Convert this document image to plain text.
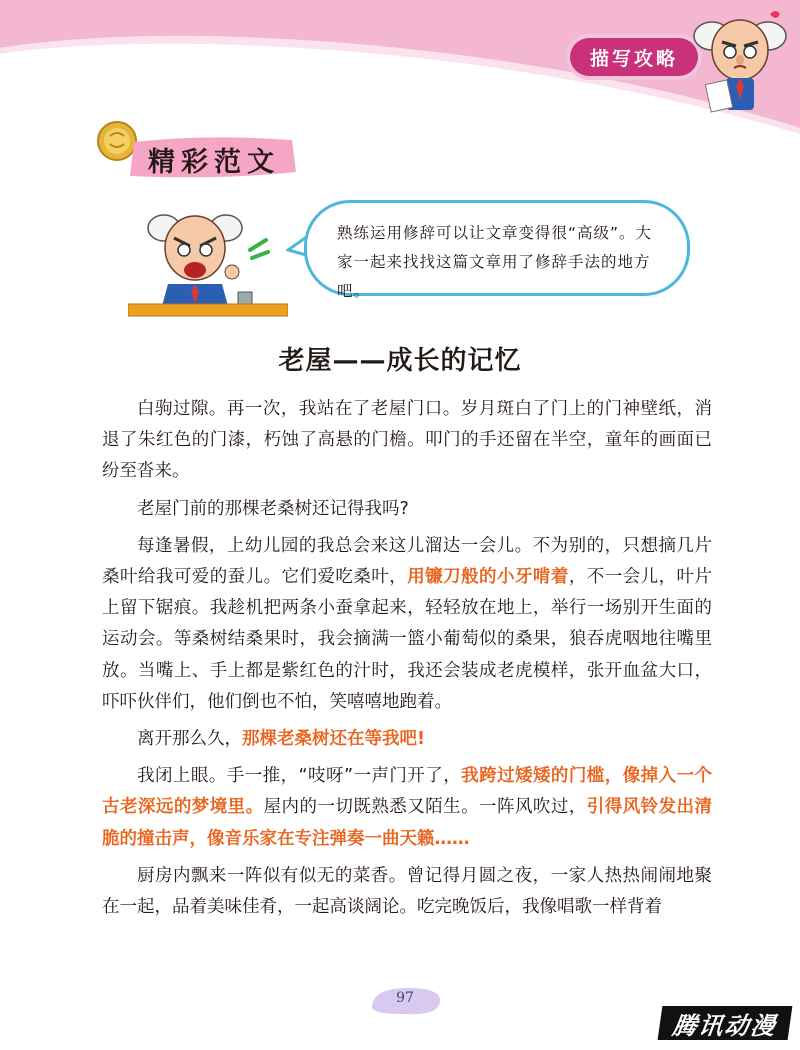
描写攻略
精彩范文
熟练运用修辞可以让文章变得很“高级”。大家一起来找找这篇文章用了修辞手法的地方吧。
老屋——成长的记忆

白驹过隙。再一次，我站在了老屋门口。岁月斑白了门上的门神壁纸，消退了朱红色的门漆，朽蚀了高悬的门檐。叩门的手还留在半空，童年的画面已纷至沓来。

老屋门前的那棵老桑树还记得我吗?

每逢暑假，上幼儿园的我总会来这儿溜达一会儿。不为别的，只想摘几片桑叶给我可爱的蚕儿。它们爱吃桑叶，用镰刀般的小牙啃着，不一会儿，叶片上留下锯痕。我趁机把两条小蚕拿起来，轻轻放在地上，举行一场别开生面的运动会。等桑树结桑果时，我会摘满一篮小葡萄似的桑果，狼吞虎咽地往嘴里放。当嘴上、手上都是紫红色的汁时，我还会装成老虎模样，张开血盆大口，吓吓伙伴们，他们倒也不怕，笑嘻嘻地跑着。

离开那么久，那棵老桑树还在等我吧!

我闭上眼。手一推，“吱呀”一声门开了，我跨过矮矮的门槛，像掉入一个古老深远的梦境里。屋内的一切既熟悉又陌生。一阵风吹过，引得风铃发出清脆的撞击声，像音乐家在专注弹奏一曲天籁……

厨房内飘来一阵似有似无的菜香。曾记得月圆之夜，一家人热热闹闹地聚在一起，品着美味佳肴，一起高谈阔论。吃完晚饭后，我像唱歌一样背着

97
腾讯动漫
